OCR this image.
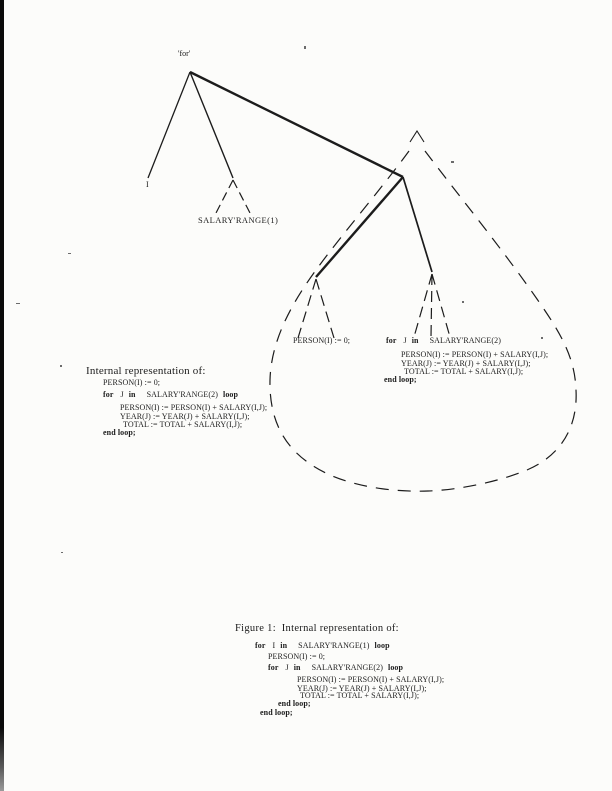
'for'
I
SALARY'RANGE(1)
PERSON(I) := 0;	for J in SALARY'RANGE(2)
PERSON(I) := PERSON(I) + SALARY(I,J);
YEAR(J) := YEAR(J) + SALARY(I,J);
TOTAL := TOTAL + SALARY(I,J);
end loop;
Internal representation of:
PERSON(I) := 0;
for J in SALARY'RANGE(2) loop
PERSON(I) := PERSON(I) + SALARY(I,J);
YEAR(J) := YEAR(J) + SALARY(I,J);
TOTAL := TOTAL + SALARY(I,J);
end loop;
Figure 1: Internal representation of:
for I in SALARY'RANGE(1) loop
PERSON(I) := 0;
for J in SALARY'RANGE(2) loop
PERSON(I) := PERSON(I) + SALARY(I,J);
YEAR(J) := YEAR(J) + SALARY(I,J);
TOTAL := TOTAL + SALARY(I,J);
end loop;
end loop;
